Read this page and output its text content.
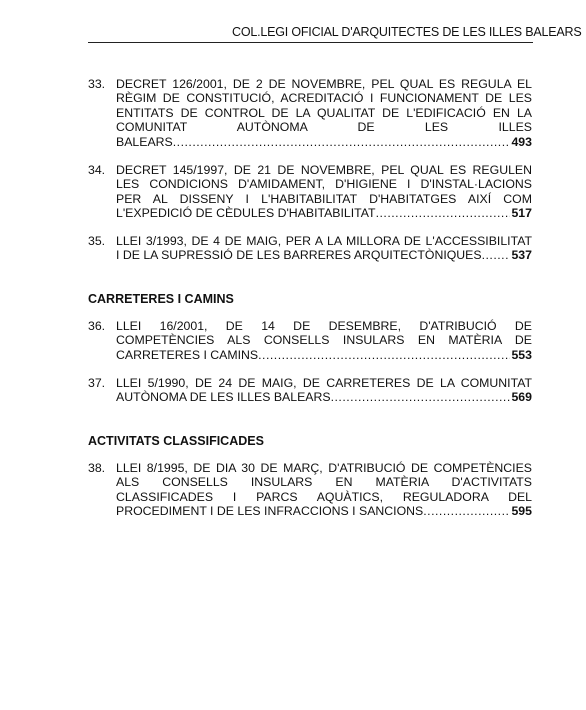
COL.LEGI OFICIAL D'ARQUITECTES DE LES ILLES BALEARS
33. DECRET 126/2001, DE 2 DE NOVEMBRE, PEL QUAL ES REGULA EL
RÈGIM DE CONSTITUCIÓ, ACREDITACIÓ I FUNCIONAMENT DE LES
ENTITATS DE CONTROL DE LA QUALITAT DE L'EDIFICACIÓ EN LA
COMUNITAT AUTÒNOMA DE LES ILLES
BALEARS .....	493
34. DECRET 145/1997, DE 21 DE NOVEMBRE, PEL QUAL ES REGULEN
LES CONDICIONS D'AMIDAMENT, D'HIGIENE I D'INSTAL·LACIONS
PER AL DISSENY I L'HABITABILITAT D'HABITATGES AIXÍ COM
L'EXPEDICIÓ DE CÈDULES D'HABITABILITAT .....	517
35. LLEI 3/1993, DE 4 DE MAIG, PER A LA MILLORA DE L'ACCESSIBILITAT
I DE LA SUPRESSIÓ DE LES BARRERES ARQUITECTÒNIQUES .....	537
CARRETERES I CAMINS
36. LLEI 16/2001, DE 14 DE DESEMBRE, D'ATRIBUCIÓ DE
COMPETÈNCIES ALS CONSELLS INSULARS EN MATÈRIA DE
CARRETERES I CAMINS .....	553
37. LLEI 5/1990, DE 24 DE MAIG, DE CARRETERES DE LA COMUNITAT
AUTÒNOMA DE LES ILLES BALEARS .....	569
ACTIVITATS CLASSIFICADES
38. LLEI 8/1995, DE DIA 30 DE MARÇ, D'ATRIBUCIÓ DE COMPETÈNCIES
ALS CONSELLS INSULARS EN MATÈRIA D'ACTIVITATS
CLASSIFICADES I PARCS AQUÀTICS, REGULADORA DEL
PROCEDIMENT I DE LES INFRACCIONS I SANCIONS .....	595
